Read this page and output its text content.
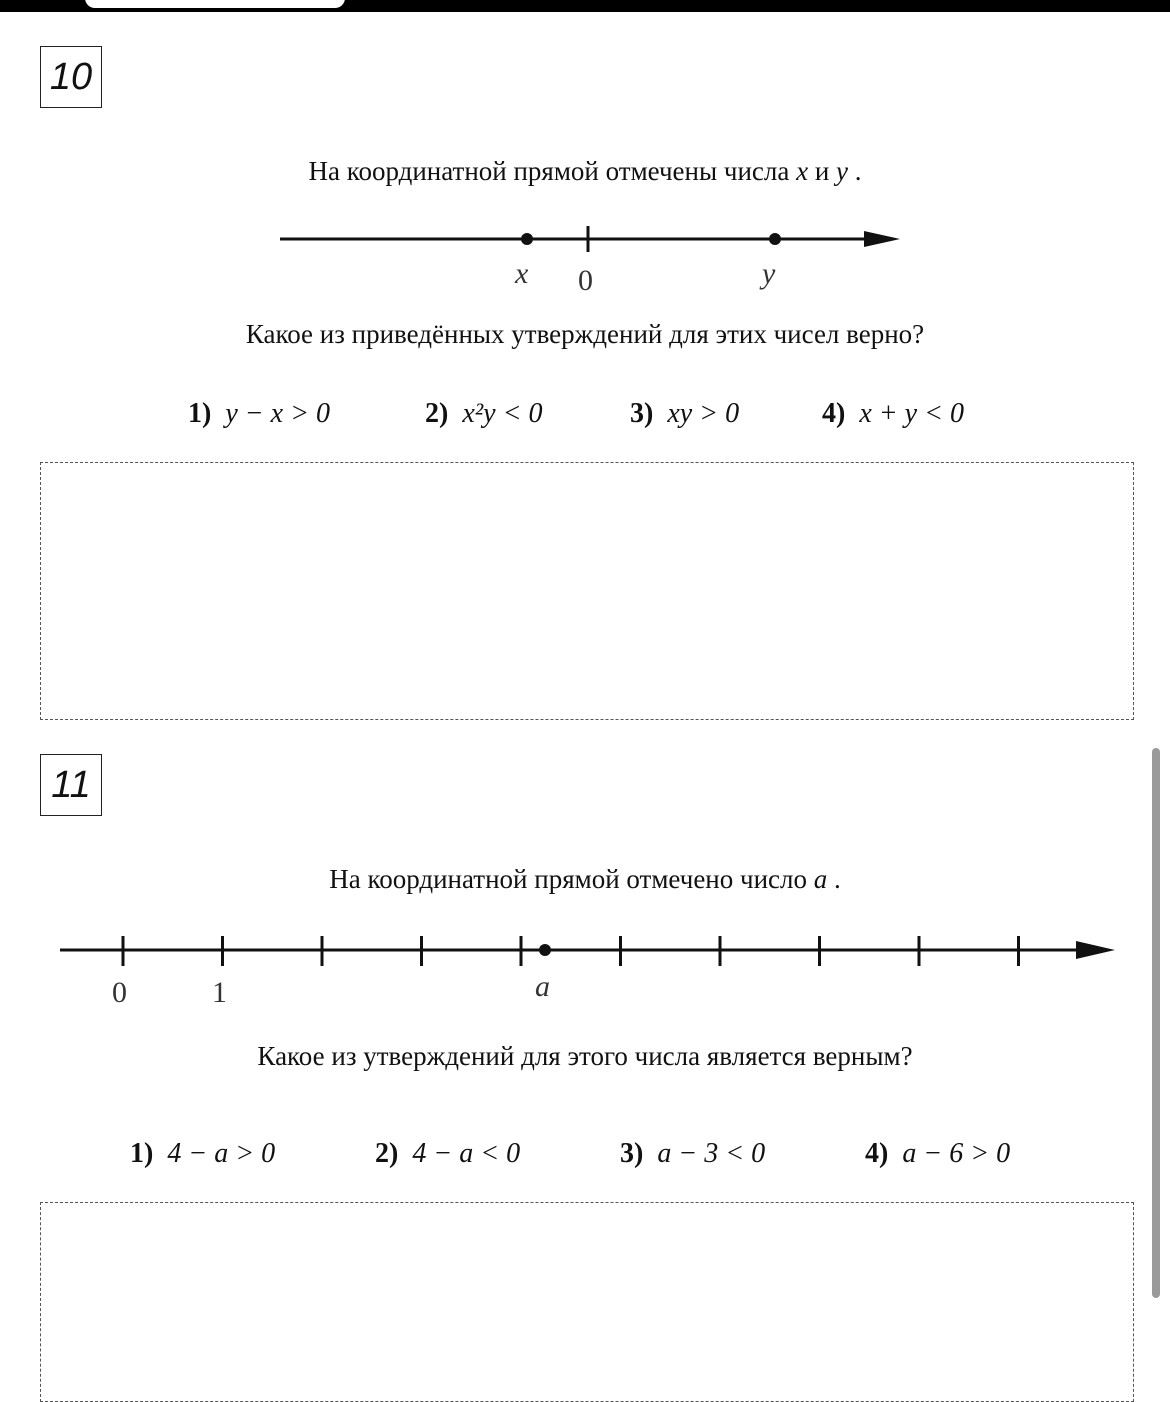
10
На координатной прямой отмечены числа x и y .
x 0	y
Какое из приведённых утверждений для этих чисел верно?
1) y − x > 0	2) x²y < 0	3) xy > 0	4) x + y < 0
11
На координатной прямой отмечено число a .
0	1	a
Какое из утверждений для этого числа является верным?
1) 4 − a > 0	2) 4 − a < 0	3) a − 3 < 0	4) a − 6 > 0
